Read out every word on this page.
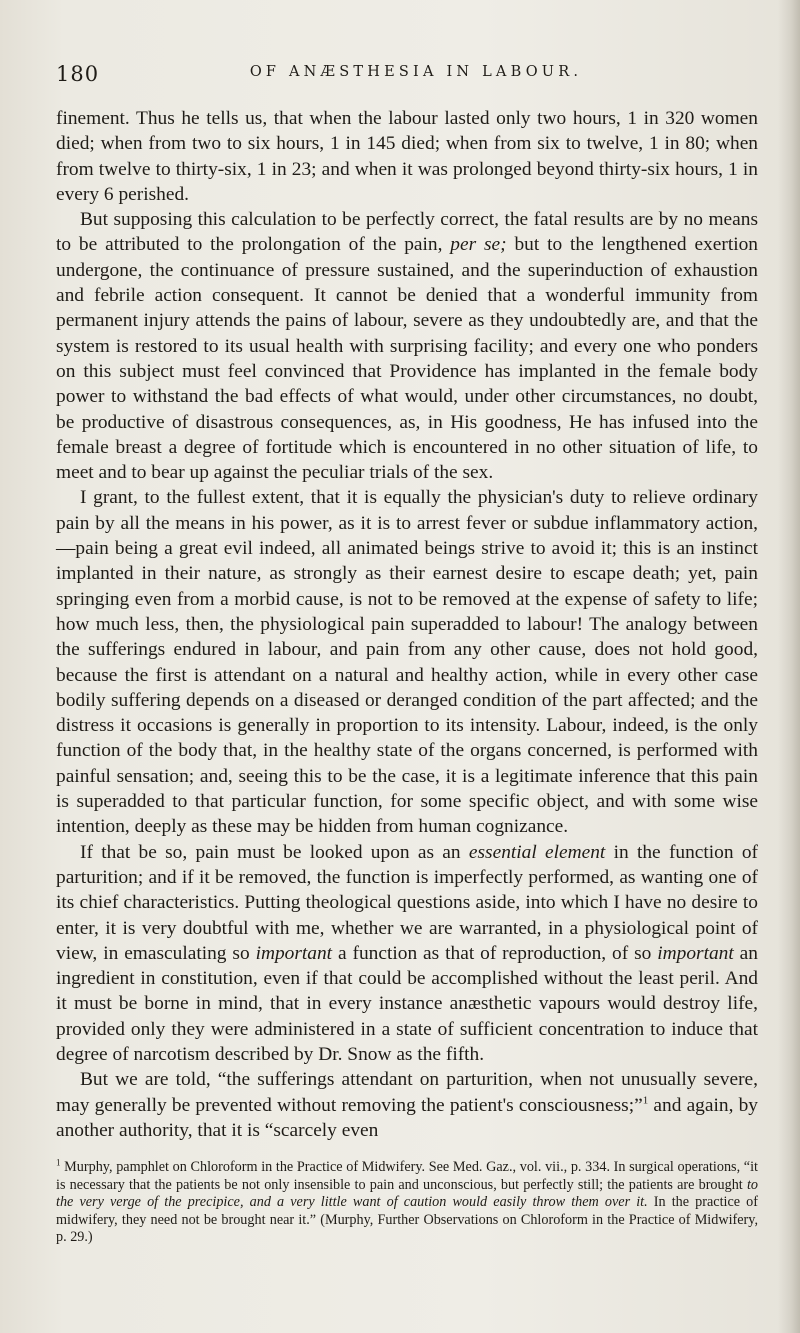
180	OF ANÆSTHESIA IN LABOUR.

finement. Thus he tells us, that when the labour lasted only two hours, 1 in 320 women died; when from two to six hours, 1 in 145 died; when from six to twelve, 1 in 80; when from twelve to thirty-six, 1 in 23; and when it was prolonged beyond thirty-six hours, 1 in every 6 perished.

But supposing this calculation to be perfectly correct, the fatal results are by no means to be attributed to the prolongation of the pain, per se; but to the lengthened exertion undergone, the continuance of pressure sustained, and the superinduction of exhaustion and febrile action consequent. It cannot be denied that a wonderful immunity from permanent injury attends the pains of labour, severe as they undoubtedly are, and that the system is restored to its usual health with surprising facility; and every one who ponders on this subject must feel convinced that Providence has implanted in the female body power to withstand the bad effects of what would, under other circumstances, no doubt, be productive of disastrous consequences, as, in His goodness, He has infused into the female breast a degree of fortitude which is encountered in no other situation of life, to meet and to bear up against the peculiar trials of the sex.

I grant, to the fullest extent, that it is equally the physician's duty to relieve ordinary pain by all the means in his power, as it is to arrest fever or subdue inflammatory action,—pain being a great evil indeed, all animated beings strive to avoid it; this is an instinct implanted in their nature, as strongly as their earnest desire to escape death; yet, pain springing even from a morbid cause, is not to be removed at the expense of safety to life; how much less, then, the physiological pain superadded to labour! The analogy between the sufferings endured in labour, and pain from any other cause, does not hold good, because the first is attendant on a natural and healthy action, while in every other case bodily suffering depends on a diseased or deranged condition of the part affected; and the distress it occasions is generally in proportion to its intensity. Labour, indeed, is the only function of the body that, in the healthy state of the organs concerned, is performed with painful sensation; and, seeing this to be the case, it is a legitimate inference that this pain is superadded to that particular function, for some specific object, and with some wise intention, deeply as these may be hidden from human cognizance.

If that be so, pain must be looked upon as an essential element in the function of parturition; and if it be removed, the function is imperfectly performed, as wanting one of its chief characteristics. Putting theological questions aside, into which I have no desire to enter, it is very doubtful with me, whether we are warranted, in a physiological point of view, in emasculating so important a function as that of reproduction, of so important an ingredient in constitution, even if that could be accomplished without the least peril. And it must be borne in mind, that in every instance anæsthetic vapours would destroy life, provided only they were administered in a state of sufficient concentration to induce that degree of narcotism described by Dr. Snow as the fifth.

But we are told, “the sufferings attendant on parturition, when not unusually severe, may generally be prevented without removing the patient's consciousness;”$^1$ and again, by another authority, that it is “scarcely even

$^1$ Murphy, pamphlet on Chloroform in the Practice of Midwifery. See Med. Gaz., vol. vii., p. 334. In surgical operations, “it is necessary that the patients be not only insensible to pain and unconscious, but perfectly still; the patients are brought to the very verge of the precipice, and a very little want of caution would easily throw them over it. In the practice of midwifery, they need not be brought near it.” (Murphy, Further Observations on Chloroform in the Practice of Midwifery, p. 29.)
